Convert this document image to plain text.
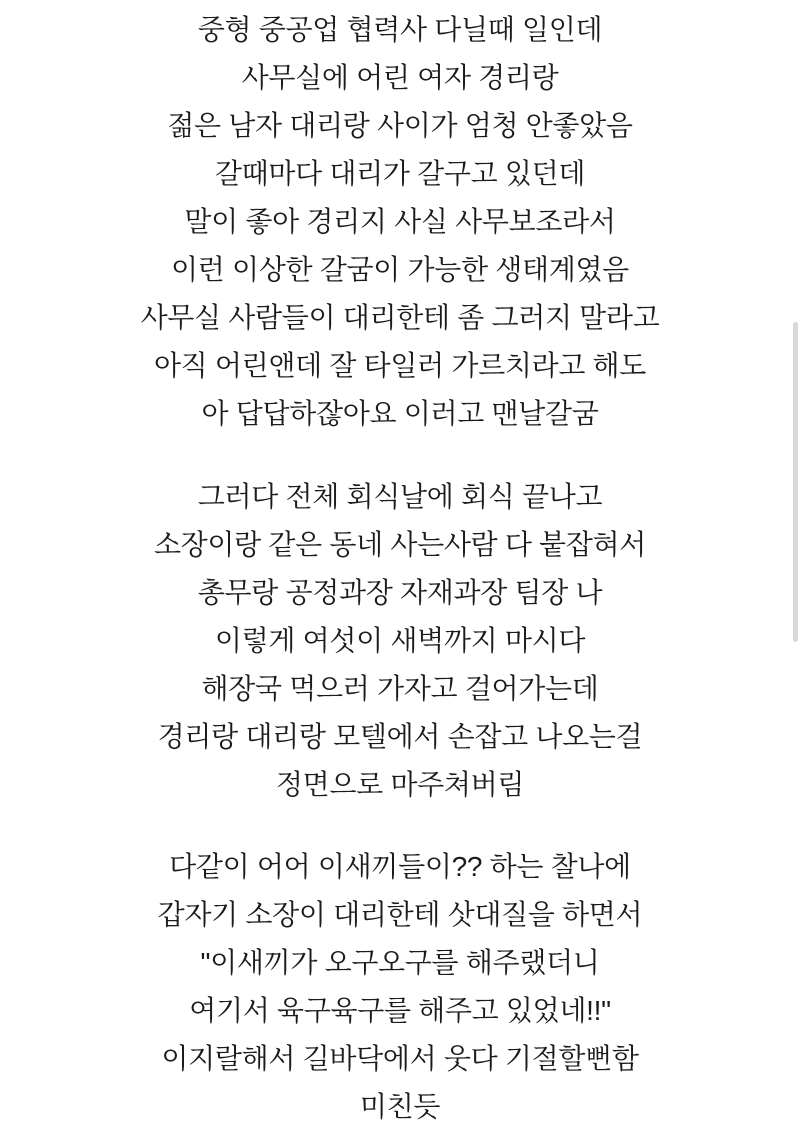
중형 중공업 협력사 다닐때 일인데
사무실에 어린 여자 경리랑
젊은 남자 대리랑 사이가 엄청 안좋았음
갈때마다 대리가 갈구고 있던데
말이 좋아 경리지 사실 사무보조라서
이런 이상한 갈굼이 가능한 생태계였음
사무실 사람들이 대리한테 좀 그러지 말라고
아직 어린앤데 잘 타일러 가르치라고 해도
아 답답하잖아요 이러고 맨날갈굼
그러다 전체 회식날에 회식 끝나고
소장이랑 같은 동네 사는사람 다 붙잡혀서
총무랑 공정과장 자재과장 팀장 나
이렇게 여섯이 새벽까지 마시다
해장국 먹으러 가자고 걸어가는데
경리랑 대리랑 모텔에서 손잡고 나오는걸
정면으로 마주쳐버림
다같이 어어 이새끼들이?? 하는 찰나에
갑자기 소장이 대리한테 삿대질을 하면서
"이새끼가 오구오구를 해주랬더니
여기서 육구육구를 해주고 있었네!!"
이지랄해서 길바닥에서 웃다 기절할뻔함
미친듯
